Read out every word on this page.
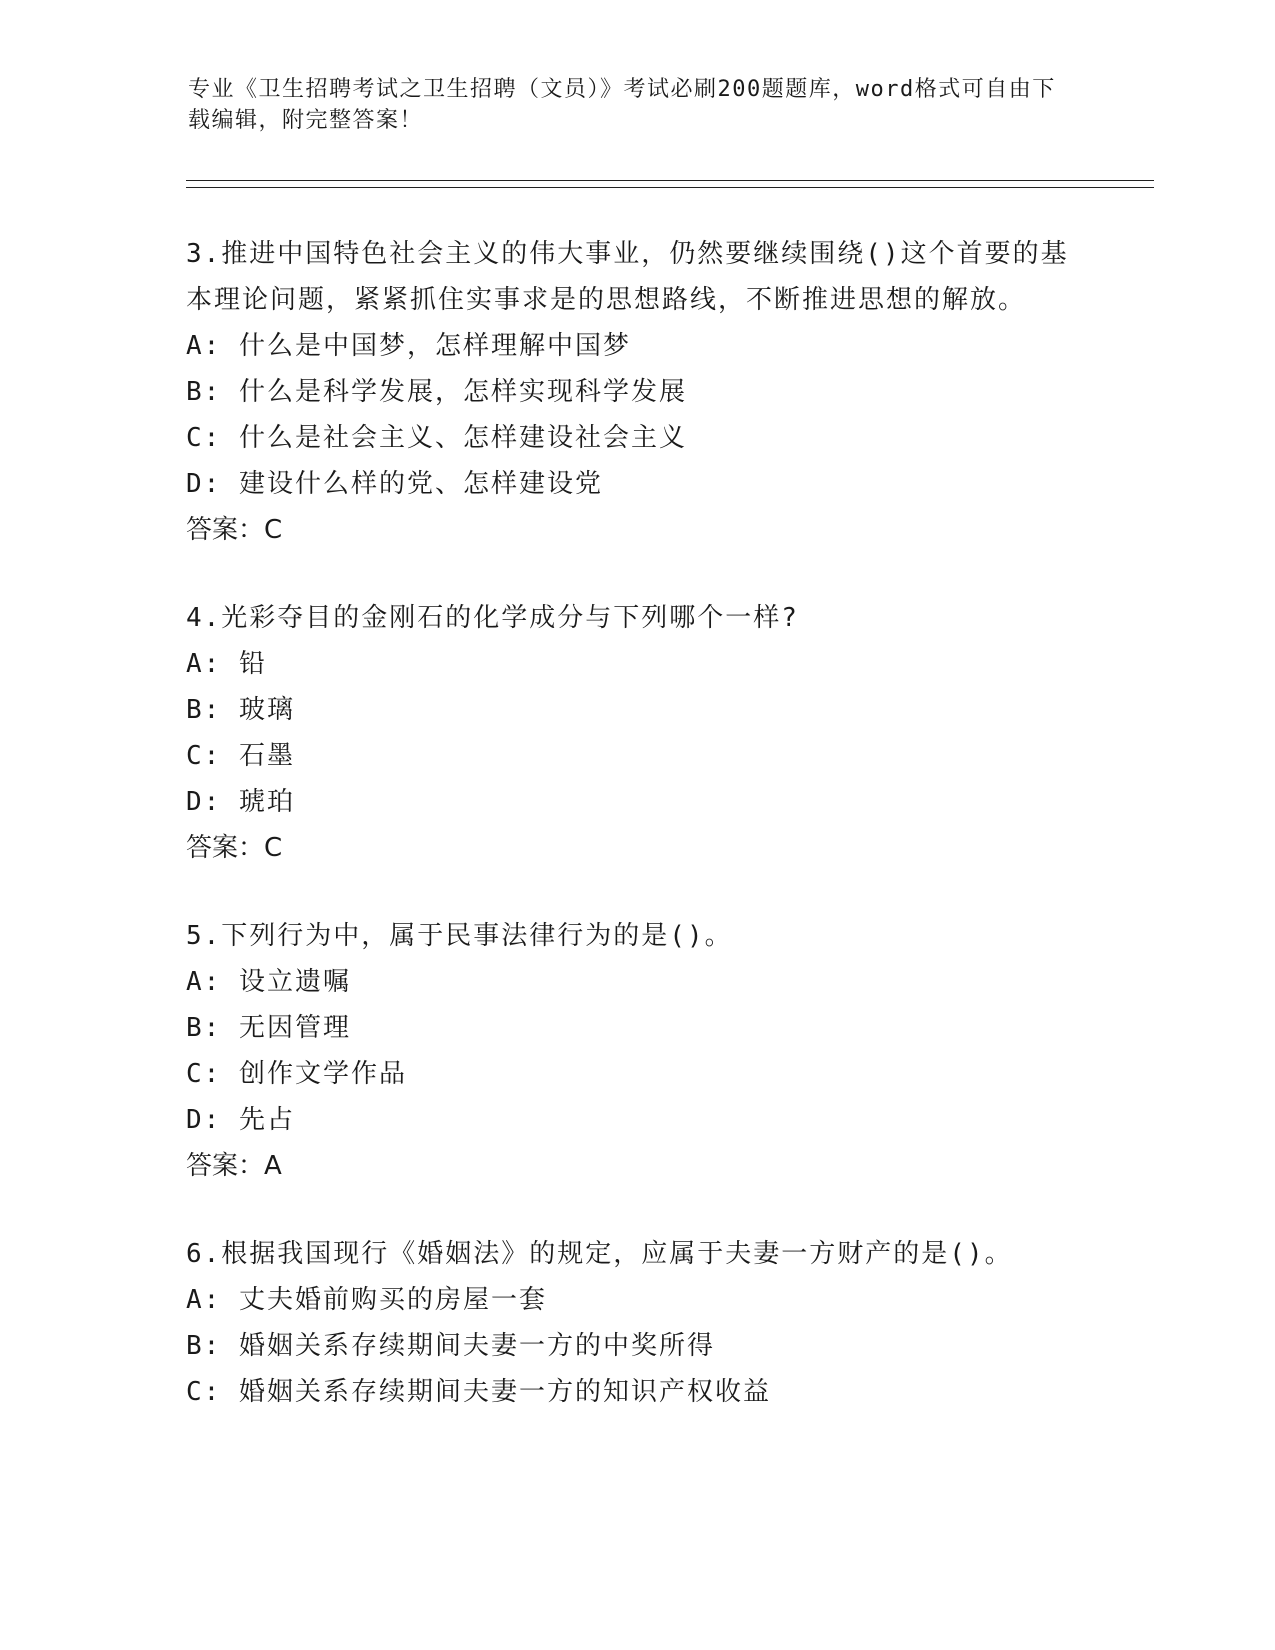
专业《卫生招聘考试之卫生招聘（文员）》考试必刷200题题库，word格式可自由下载编辑，附完整答案！
3.推进中国特色社会主义的伟大事业，仍然要继续围绕()这个首要的基本理论问题，紧紧抓住实事求是的思想路线，不断推进思想的解放。
A: 什么是中国梦，怎样理解中国梦
B: 什么是科学发展，怎样实现科学发展
C: 什么是社会主义、怎样建设社会主义
D: 建设什么样的党、怎样建设党
答案：C
4.光彩夺目的金刚石的化学成分与下列哪个一样?
A: 铅
B: 玻璃
C: 石墨
D: 琥珀
答案：C
5.下列行为中，属于民事法律行为的是()。
A: 设立遗嘱
B: 无因管理
C: 创作文学作品
D: 先占
答案：A
6.根据我国现行《婚姻法》的规定，应属于夫妻一方财产的是()。
A: 丈夫婚前购买的房屋一套
B: 婚姻关系存续期间夫妻一方的中奖所得
C: 婚姻关系存续期间夫妻一方的知识产权收益
